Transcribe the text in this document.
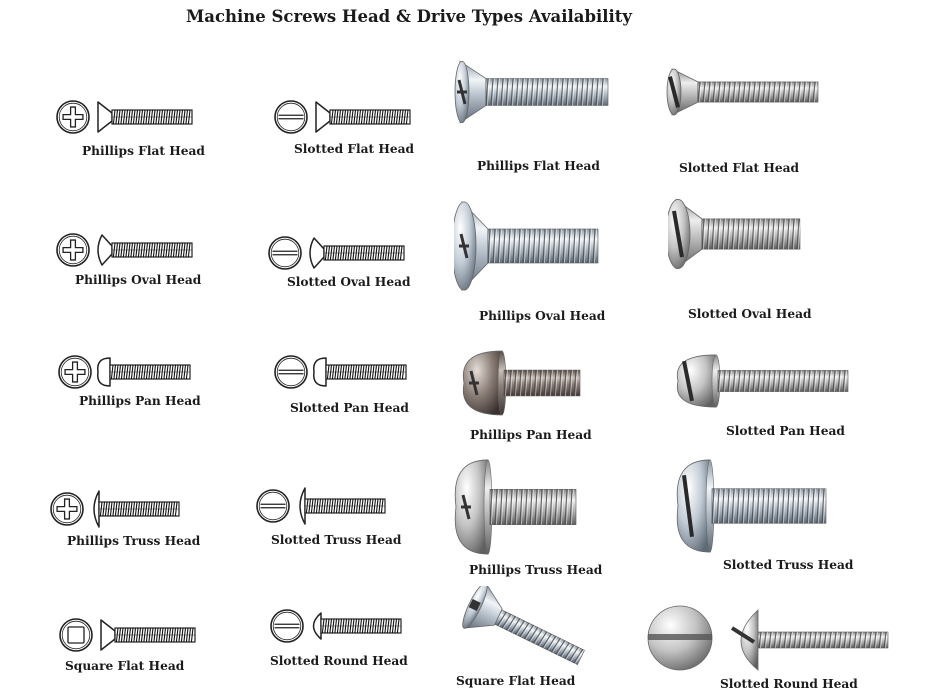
Machine Screws Head & Drive Types Availability
Phillips Flat Head	Slotted Flat Head
Phillips Oval Head	Slotted Oval Head
Phillips Pan Head	Slotted Pan Head
Phillips Truss Head	Slotted Truss Head
Square Flat Head	Slotted Round Head
Phillips Flat Head	Slotted Flat Head
Phillips Oval Head	Slotted Oval Head
Phillips Pan Head	Slotted Pan Head
Phillips Truss Head	Slotted Truss Head
Square Flat Head	Slotted Round Head
